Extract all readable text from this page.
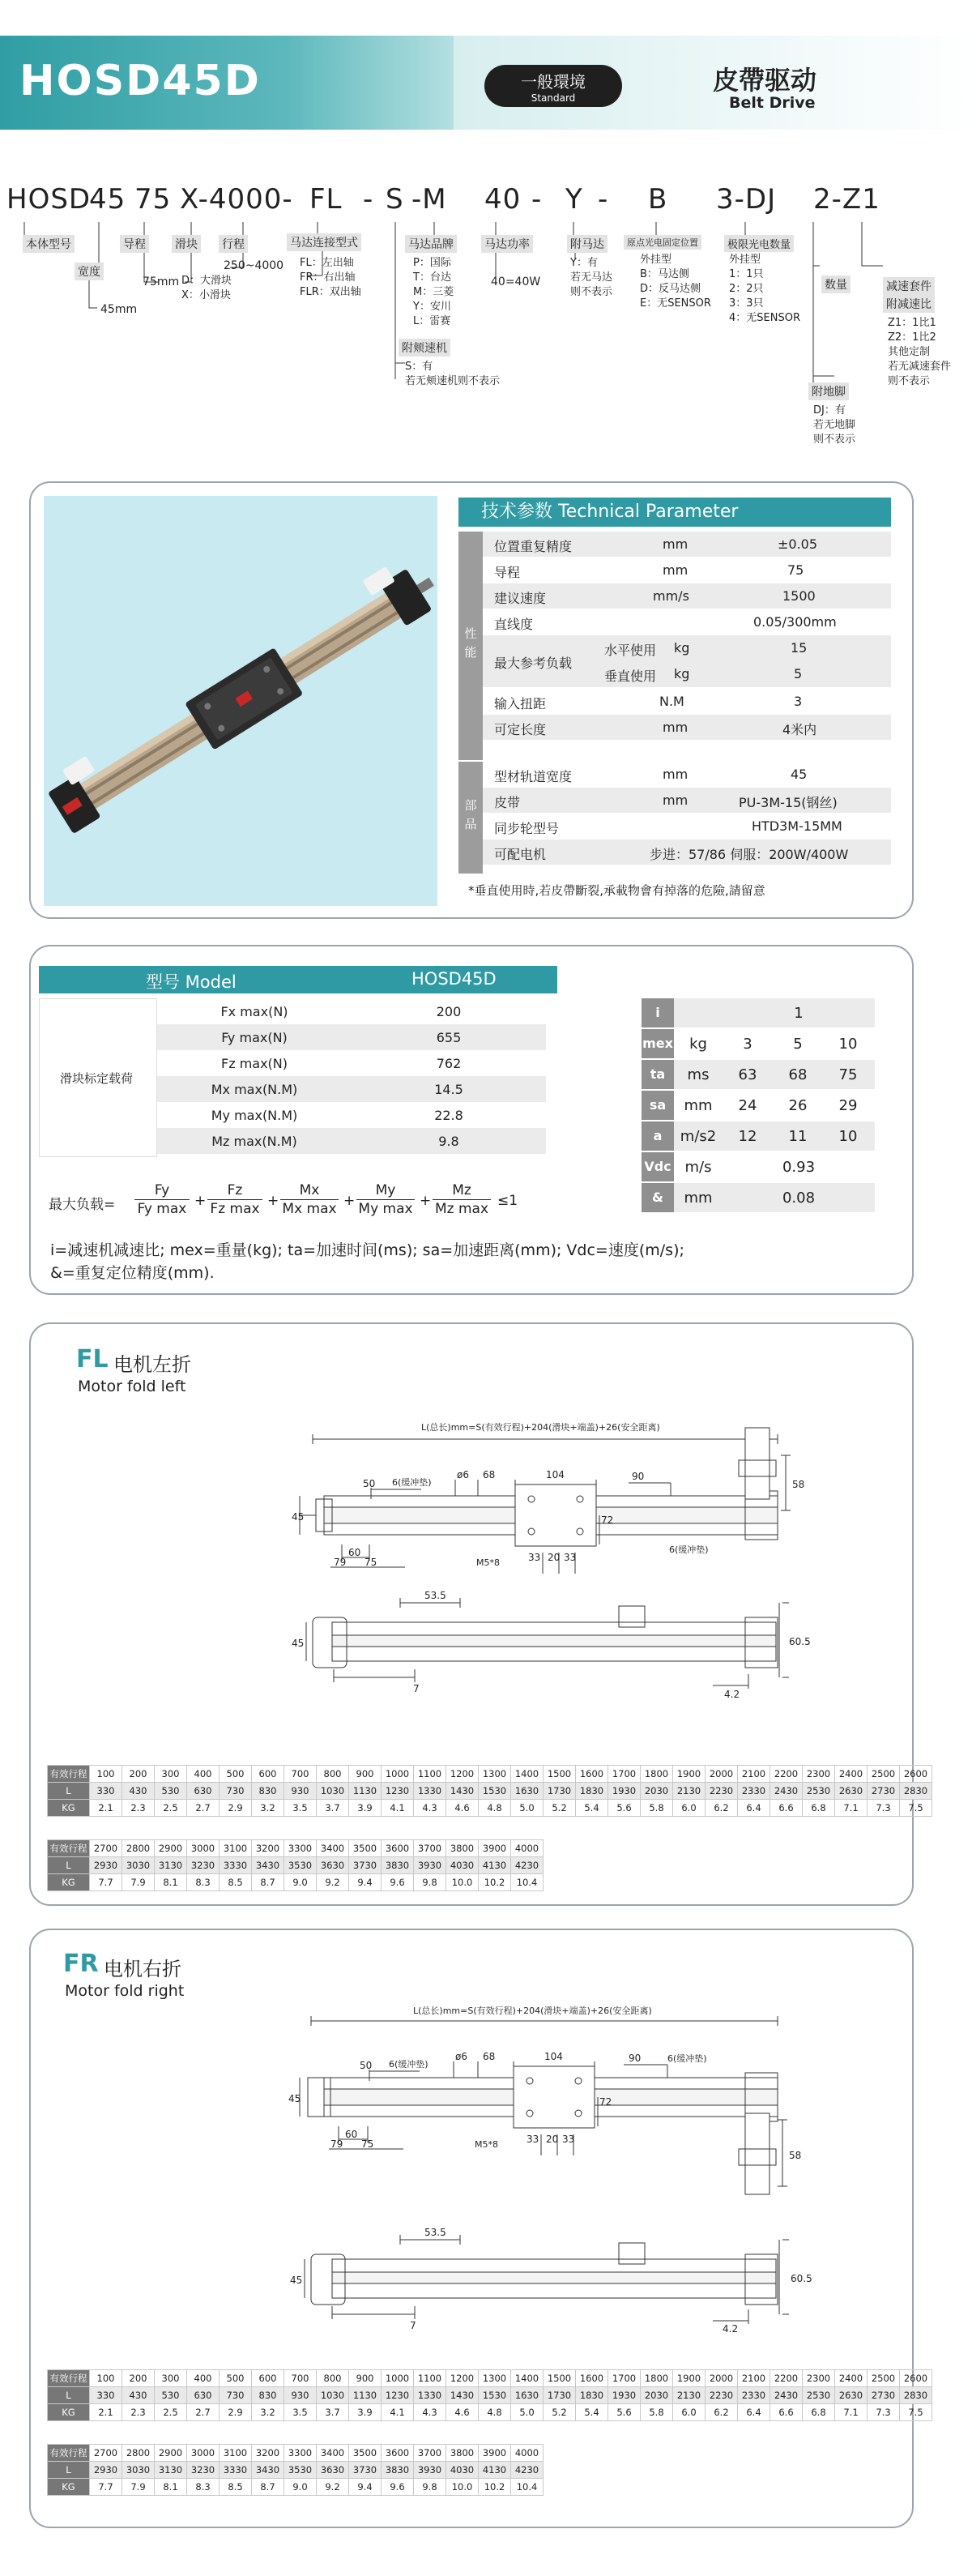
HOSD45D	一般環境
Standard
皮帶驱动
Belt Drive
HOSD
45 75 X-4000- FL - S -M 40 - Y - B 3-DJ 2-Z1
本体型号
宽度
45mm
导程
75mm
滑块
D：大滑块
X：小滑块
行程
250~4000
马达连接型式
FL：左出轴
FR：右出轴
FLR：双出轴
马达品牌
P：国际
T：台达
M：三菱
Y：安川
L：雷赛
附颊速机
S：有
若无颊速机则不表示
马达功率
40=40W
附马达
Y：有
若无马达
则不表示
原点光电固定位置
外挂型
B：马达侧
D：反马达侧
E：无SENSOR
极限光电数量
外挂型
1：1只
2：2只
3：3只
4：无SENSOR
数量	减速套件
附减速比
Z1：1比1
Z2：1比2
其他定制
若无减速套件
则不表示
附地脚
DJ：有
若无地脚
则不表示
技术参数 Technical Parameter
性能
部品
位置重复精度	mm	±0.05
导程	mm	75
建议速度	mm/s	1500
直线度	0.05/300mm
最大参考负载
水平使用 kg	15
垂直使用 kg	5
输入扭距	N.M	3
可定长度	mm	4米内
型材轨道宽度	mm	45
皮带	mm	PU-3M-15(钢丝)
同步轮型号	HTD3M-15MM
可配电机	步进：57/86 伺服：200W/400W
*垂直使用時,若皮帶斷裂,承載物會有掉落的危險,請留意
型号 Model	HOSD45D
滑块标定载荷
Fx max(N)	200
Fy max(N)	655
Fz max(N)	762
Mx max(N.M)	14.5
My max(N.M)	22.8
Mz max(N.M)	9.8
最大负载=
Fy
Fy max +
Fz
Fz max +
Mx
Mx max +
My
My max +
Mz
Mz max ≤1
i=减速机减速比; mex=重量(kg); ta=加速时间(ms); sa=加速距离(mm); Vdc=速度(m/s);
&=重复定位精度(mm).
i	1
mex	kg	3	5	10
ta	ms	63	68	75
sa	mm	24	26	29
a	m/s2	12	11	10
Vdc m/s	0.93
&	mm	0.08
FL 电机左折
Motor fold left
L(总长)mm=S(有效行程)+204(滑块+端盖)+26(安全距离)
6(缓冲垫)
50
ø6 68	104	90
45	72
58
60
75
79	M5*8	33 20 33
6(缓冲垫)
53.5
45	60.5
7	4.2
有效行程	100	200	300	400	500	600	700	800	900	1000	1100	1200	1300	1400	1500	1600	1700	1800	1900	2000	2100	2200	2300	2400	2500	2600
L	330	430	530	630	730	830	930	1030	1130	1230	1330	1430	1530	1630	1730	1830	1930	2030	2130	2230	2330	2430	2530	2630	2730	2830
KG	2.1	2.3	2.5	2.7	2.9	3.2	3.5	3.7	3.9	4.1	4.3	4.6	4.8	5.0	5.2	5.4	5.6	5.8	6.0	6.2	6.4	6.6	6.8	7.1	7.3	7.5
有效行程	2700	2800	2900	3000	3100	3200	3300	3400	3500	3600	3700	3800	3900	4000
L	2930	3030	3130	3230	3330	3430	3530	3630	3730	3830	3930	4030	4130	4230
KG	7.7	7.9	8.1	8.3	8.5	8.7	9.0	9.2	9.4	9.6	9.8	10.0	10.2	10.4
FR 电机右折
Motor fold right
L(总长)mm=S(有效行程)+204(滑块+端盖)+26(安全距离)
6(缓冲垫)
50
ø6 68	104	90
45	72
58
60
75
79	M5*8	33 20 33
6(缓冲垫)
53.5
45	60.5
7	4.2
有效行程	100	200	300	400	500	600	700	800	900	1000	1100	1200	1300	1400	1500	1600	1700	1800	1900	2000	2100	2200	2300	2400	2500	2600
L	330	430	530	630	730	830	930	1030	1130	1230	1330	1430	1530	1630	1730	1830	1930	2030	2130	2230	2330	2430	2530	2630	2730	2830
KG	2.1	2.3	2.5	2.7	2.9	3.2	3.5	3.7	3.9	4.1	4.3	4.6	4.8	5.0	5.2	5.4	5.6	5.8	6.0	6.2	6.4	6.6	6.8	7.1	7.3	7.5
有效行程	2700	2800	2900	3000	3100	3200	3300	3400	3500	3600	3700	3800	3900	4000
L	2930	3030	3130	3230	3330	3430	3530	3630	3730	3830	3930	4030	4130	4230
KG	7.7	7.9	8.1	8.3	8.5	8.7	9.0	9.2	9.4	9.6	9.8	10.0	10.2	10.4
